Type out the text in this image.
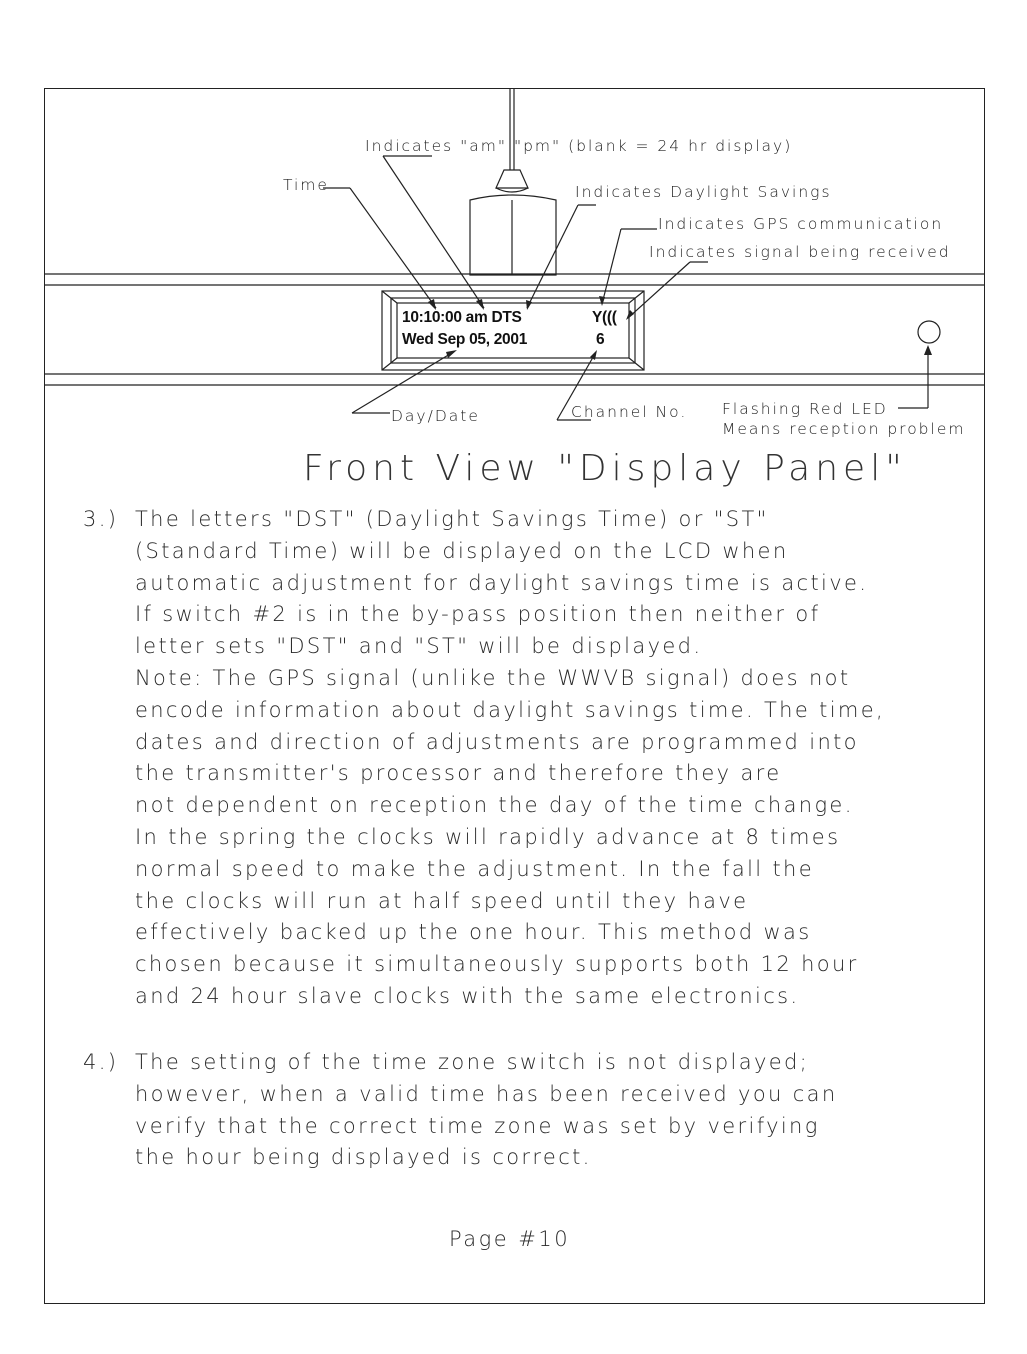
Indicates "am" "pm" (blank = 24 hr display)
Time	Indicates Daylight Savings
Indicates GPS communication
Indicates signal being received
Day/Date	Channel No. Flashing Red LED
Means reception problem
10:10:00 am DTS	Y(((
Wed Sep 05, 2001	6
Front View "Display Panel"
3.) The letters "DST" (Daylight Savings Time) or "ST"
(Standard Time) will be displayed on the LCD when
automatic adjustment for daylight savings time is active.
If switch #2 is in the by-pass position then neither of
letter sets "DST" and "ST" will be displayed.
Note: The GPS signal (unlike the WWVB signal) does not
encode information about daylight savings time. The time,
dates and direction of adjustments are programmed into
the transmitter's processor and therefore they are
not dependent on reception the day of the time change.
In the spring the clocks will rapidly advance at 8 times
normal speed to make the adjustment. In the fall the
the clocks will run at half speed until they have
effectively backed up the one hour. This method was
chosen because it simultaneously supports both 12 hour
and 24 hour slave clocks with the same electronics.
4.) The setting of the time zone switch is not displayed;
however, when a valid time has been received you can
verify that the correct time zone was set by verifying
the hour being displayed is correct.
Page #10
